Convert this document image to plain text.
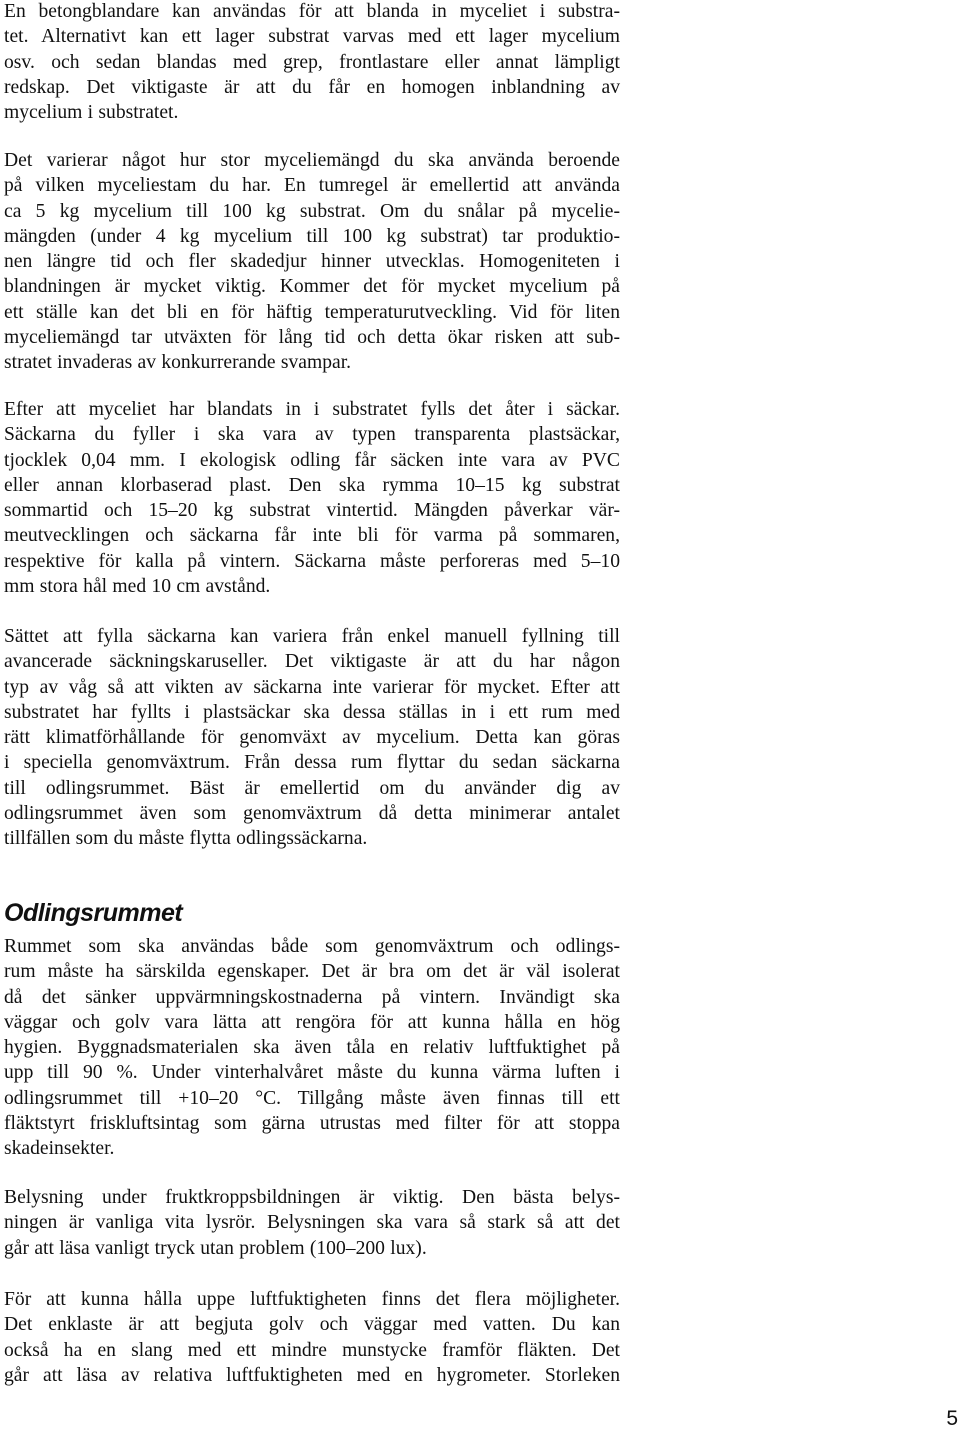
En betongblandare kan användas för att blanda in myceliet i substra-
tet. Alternativt kan ett lager substrat varvas med ett lager mycelium
osv. och sedan blandas med grep, frontlastare eller annat lämpligt
redskap. Det viktigaste är att du får en homogen inblandning av
mycelium i substratet.

Det varierar något hur stor myceliemängd du ska använda beroende
på vilken myceliestam du har. En tumregel är emellertid att använda
ca 5 kg mycelium till 100 kg substrat. Om du snålar på mycelie-
mängden (under 4 kg mycelium till 100 kg substrat) tar produktio-
nen längre tid och fler skadedjur hinner utvecklas. Homogeniteten i
blandningen är mycket viktig. Kommer det för mycket mycelium på
ett ställe kan det bli en för häftig temperaturutveckling. Vid för liten
myceliemängd tar utväxten för lång tid och detta ökar risken att sub-
stratet invaderas av konkurrerande svampar.

Efter att myceliet har blandats in i substratet fylls det åter i säckar.
Säckarna du fyller i ska vara av typen transparenta plastsäckar,
tjocklek 0,04 mm. I ekologisk odling får säcken inte vara av PVC
eller annan klorbaserad plast. Den ska rymma 10–15 kg substrat
sommartid och 15–20 kg substrat vintertid. Mängden påverkar vär-
meutvecklingen och säckarna får inte bli för varma på sommaren,
respektive för kalla på vintern. Säckarna måste perforeras med 5–10
mm stora hål med 10 cm avstånd.

Sättet att fylla säckarna kan variera från enkel manuell fyllning till
avancerade säckningskaruseller. Det viktigaste är att du har någon
typ av våg så att vikten av säckarna inte varierar för mycket. Efter att
substratet har fyllts i plastsäckar ska dessa ställas in i ett rum med
rätt klimatförhållande för genomväxt av mycelium. Detta kan göras
i speciella genomväxtrum. Från dessa rum flyttar du sedan säckarna
till odlingsrummet. Bäst är emellertid om du använder dig av
odlingsrummet även som genomväxtrum då detta minimerar antalet
tillfällen som du måste flytta odlingssäckarna.

Odlingsrummet

Rummet som ska användas både som genomväxtrum och odlings-
rum måste ha särskilda egenskaper. Det är bra om det är väl isolerat
då det sänker uppvärmningskostnaderna på vintern. Invändigt ska
väggar och golv vara lätta att rengöra för att kunna hålla en hög
hygien. Byggnadsmaterialen ska även tåla en relativ luftfuktighet på
upp till 90 %. Under vinterhalvåret måste du kunna värma luften i
odlingsrummet till +10–20 °C. Tillgång måste även finnas till ett
fläktstyrt friskluftsintag som gärna utrustas med filter för att stoppa
skadeinsekter.

Belysning under fruktkroppsbildningen är viktig. Den bästa belys-
ningen är vanliga vita lysrör. Belysningen ska vara så stark så att det
går att läsa vanligt tryck utan problem (100–200 lux).

För att kunna hålla uppe luftfuktigheten finns det flera möjligheter.
Det enklaste är att begjuta golv och väggar med vatten. Du kan
också ha en slang med ett mindre munstycke framför fläkten. Det
går att läsa av relativa luftfuktigheten med en hygrometer. Storleken

5
